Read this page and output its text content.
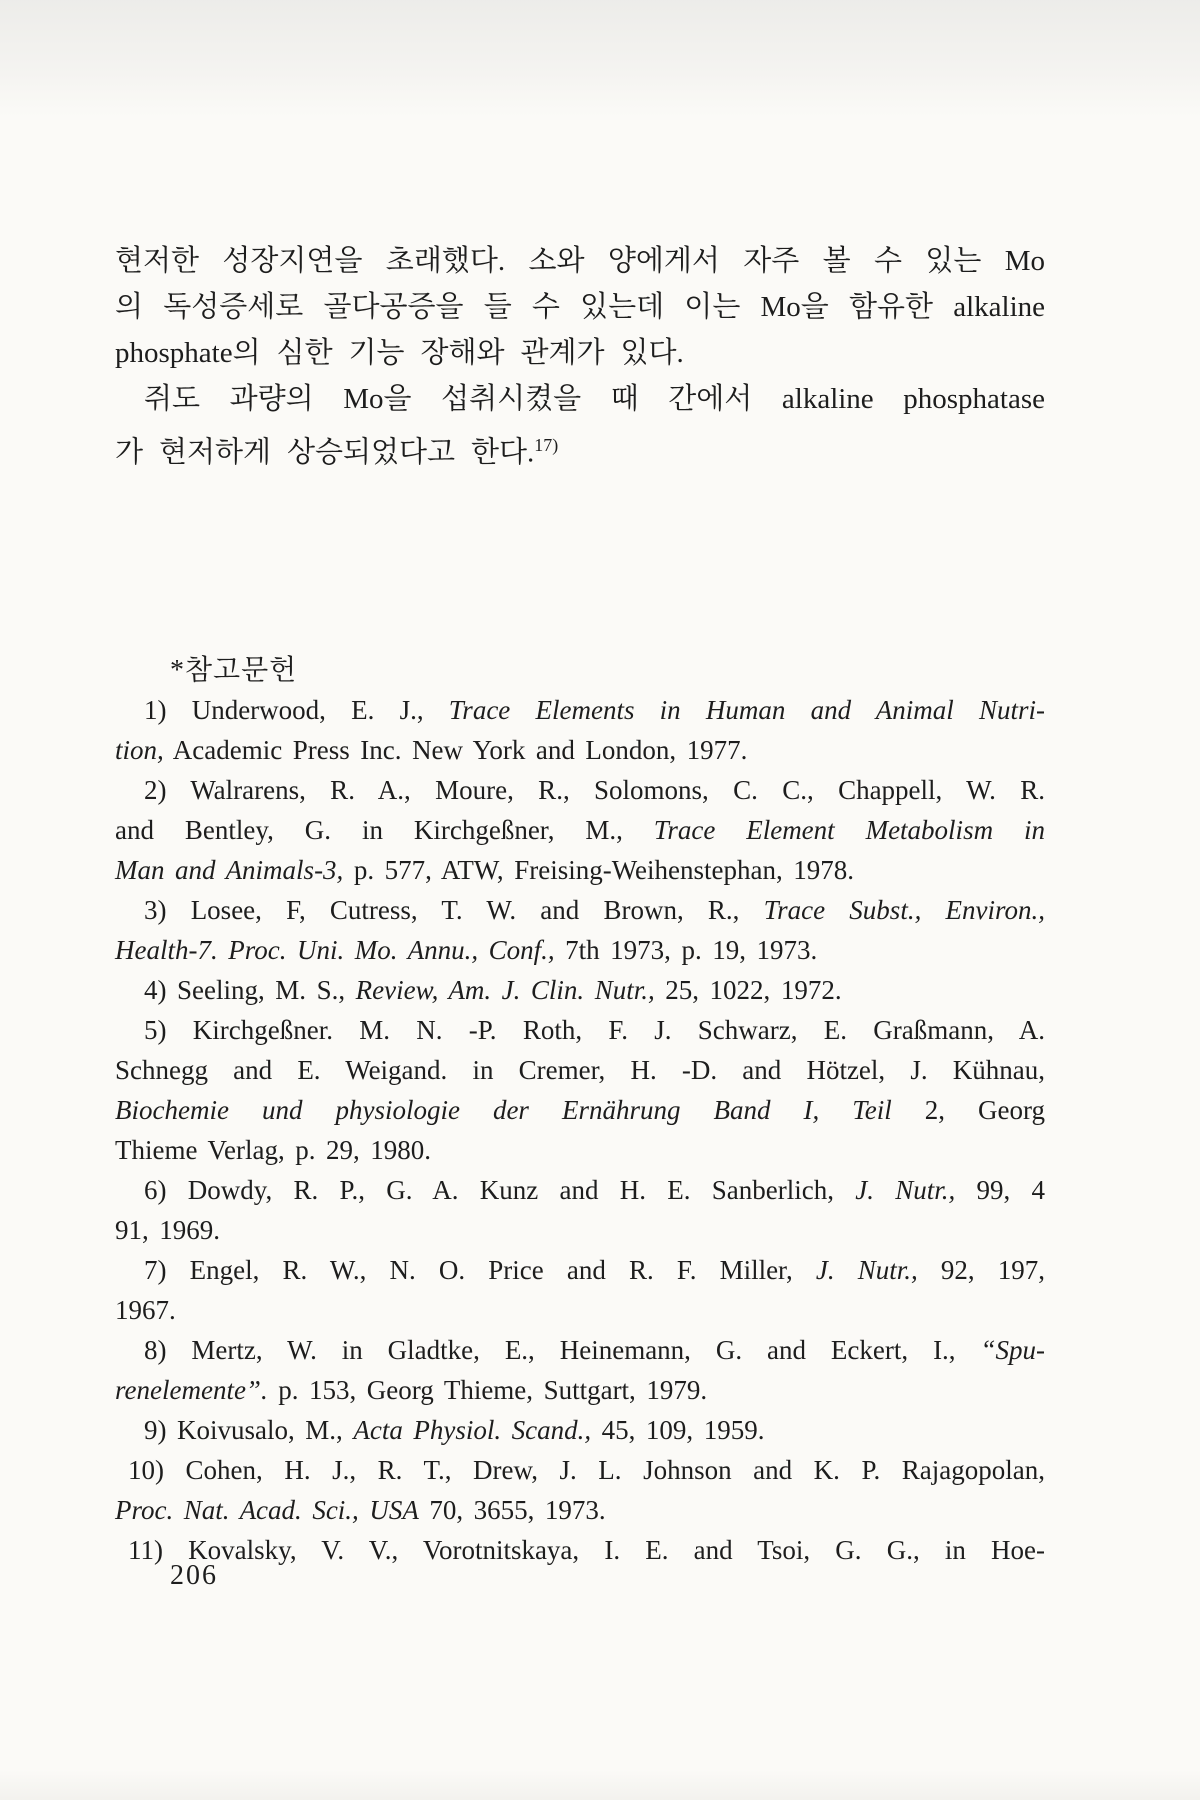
현저한 성장지연을 초래했다. 소와 양에게서 자주 볼 수 있는 Mo
의 독성증세로 골다공증을 들 수 있는데 이는 Mo을 함유한 alkaline
phosphate의 심한 기능 장해와 관계가 있다.
쥐도 과량의 Mo을 섭취시켰을 때 간에서 alkaline phosphatase
가 현저하게 상승되었다고 한다.$^{17)}$
*참고문헌
1) Underwood, E. J., Trace Elements in Human and Animal Nutri-
tion, Academic Press Inc. New York and London, 1977.
2) Walrarens, R. A., Moure, R., Solomons, C. C., Chappell, W. R.
and Bentley, G. in Kirchgeßner, M., Trace Element Metabolism in
Man and Animals-3, p. 577, ATW, Freising-Weihenstephan, 1978.
3) Losee, F, Cutress, T. W. and Brown, R., Trace Subst., Environ.,
Health-7. Proc. Uni. Mo. Annu., Conf., 7th 1973, p. 19, 1973.
4) Seeling, M. S., Review, Am. J. Clin. Nutr., 25, 1022, 1972.
5) Kirchgeßner. M. N. -P. Roth, F. J. Schwarz, E. Graßmann, A.
Schnegg and E. Weigand. in Cremer, H. -D. and Hötzel, J. Kühnau,
Biochemie und physiologie der Ernährung Band I, Teil 2, Georg
Thieme Verlag, p. 29, 1980.
6) Dowdy, R. P., G. A. Kunz and H. E. Sanberlich, J. Nutr., 99, 4
91, 1969.
7) Engel, R. W., N. O. Price and R. F. Miller, J. Nutr., 92, 197,
1967.
8) Mertz, W. in Gladtke, E., Heinemann, G. and Eckert, I., “Spu-
renelemente”. p. 153, Georg Thieme, Suttgart, 1979.
9) Koivusalo, M., Acta Physiol. Scand., 45, 109, 1959.
10) Cohen, H. J., R. T., Drew, J. L. Johnson and K. P. Rajagopolan,
Proc. Nat. Acad. Sci., USA 70, 3655, 1973.
11) Kovalsky, V. V., Vorotnitskaya, I. E. and Tsoi, G. G., in Hoe-
206
